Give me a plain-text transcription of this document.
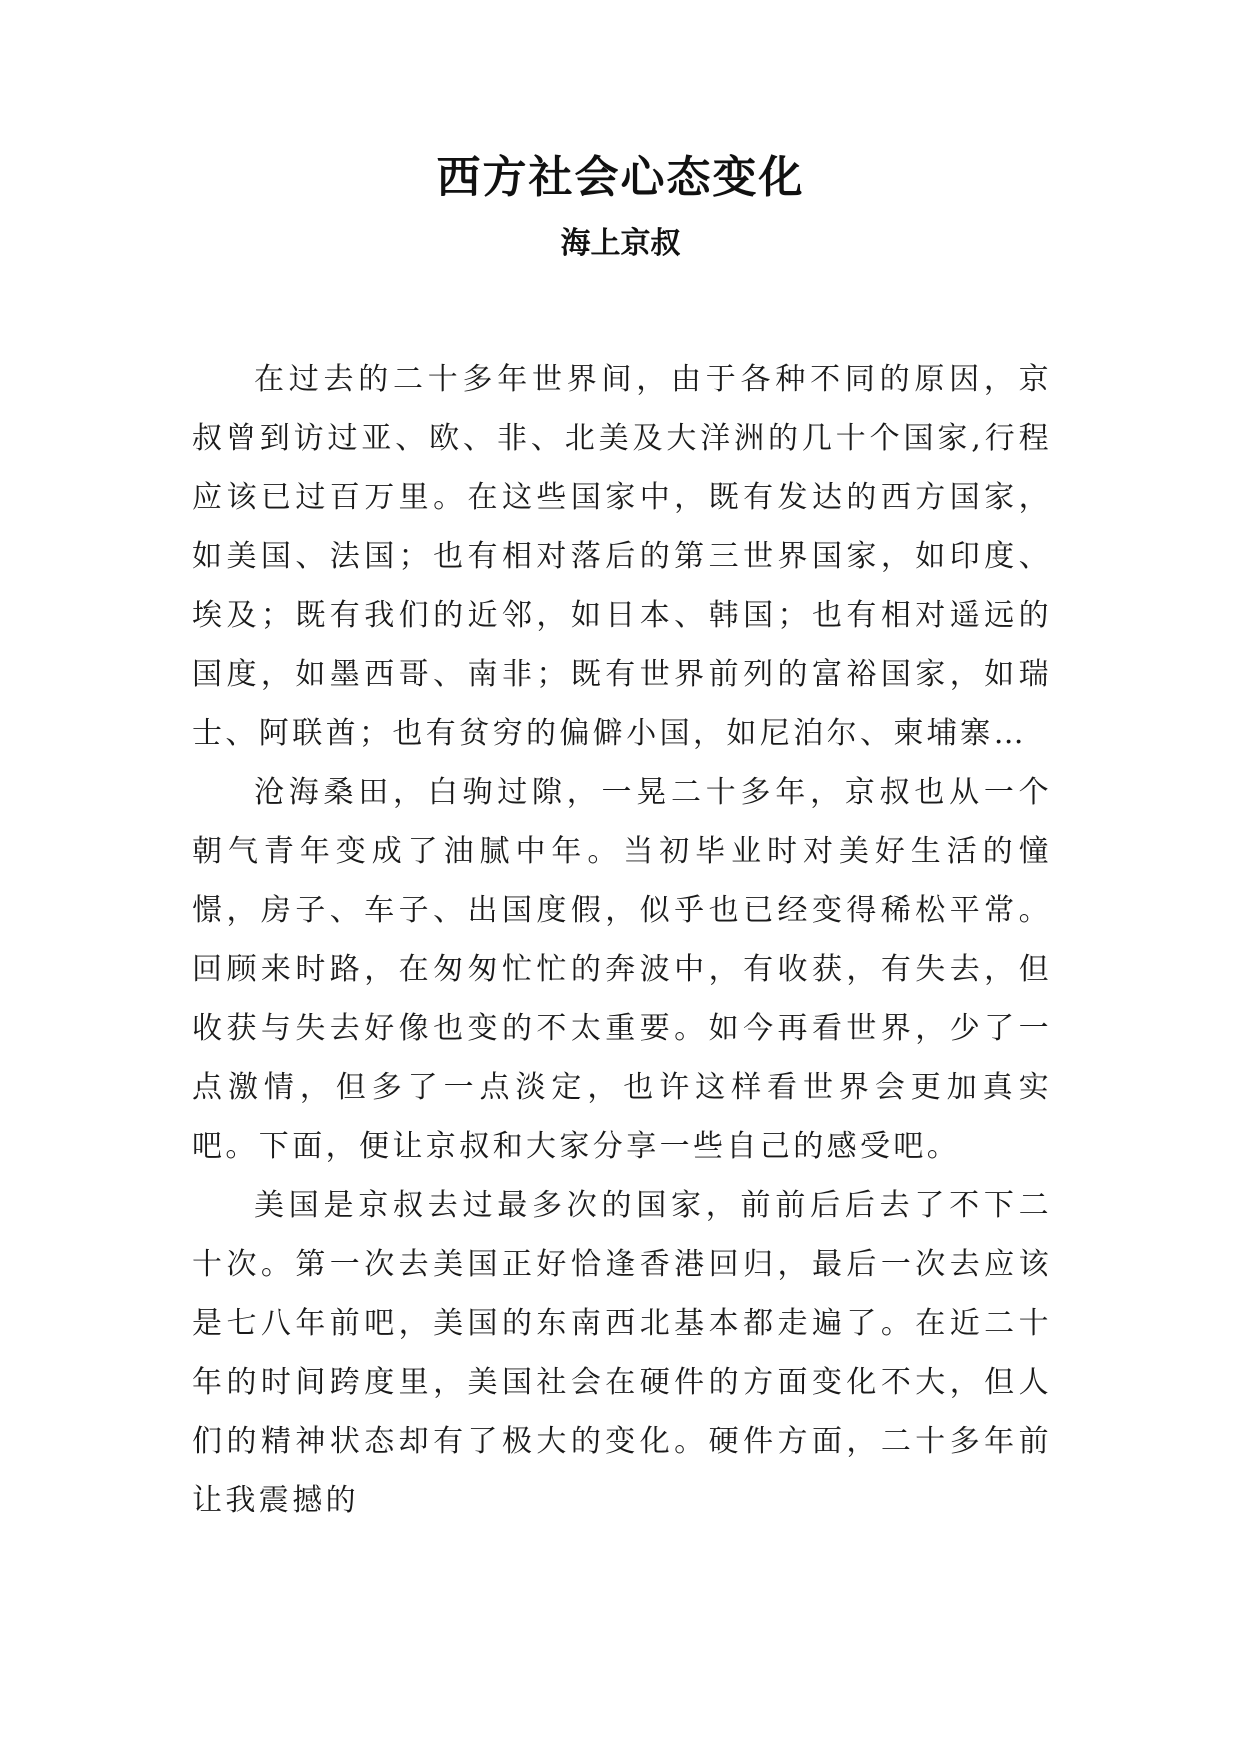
西方社会心态变化
海上京叔

在过去的二十多年世界间，由于各种不同的原因，京叔曾到访过亚、欧、非、北美及大洋洲的几十个国家,行程应该已过百万里。在这些国家中，既有发达的西方国家，如美国、法国；也有相对落后的第三世界国家，如印度、埃及；既有我们的近邻，如日本、韩国；也有相对遥远的国度，如墨西哥、南非；既有世界前列的富裕国家，如瑞士、阿联酋；也有贫穷的偏僻小国，如尼泊尔、柬埔寨…

沧海桑田，白驹过隙，一晃二十多年，京叔也从一个朝气青年变成了油腻中年。当初毕业时对美好生活的憧憬，房子、车子、出国度假，似乎也已经变得稀松平常。回顾来时路，在匆匆忙忙的奔波中，有收获，有失去，但收获与失去好像也变的不太重要。如今再看世界，少了一点激情，但多了一点淡定，也许这样看世界会更加真实吧。下面，便让京叔和大家分享一些自己的感受吧。

美国是京叔去过最多次的国家，前前后后去了不下二十次。第一次去美国正好恰逢香港回归，最后一次去应该是七八年前吧，美国的东南西北基本都走遍了。在近二十年的时间跨度里，美国社会在硬件的方面变化不大，但人们的精神状态却有了极大的变化。硬件方面，二十多年前让我震撼的
